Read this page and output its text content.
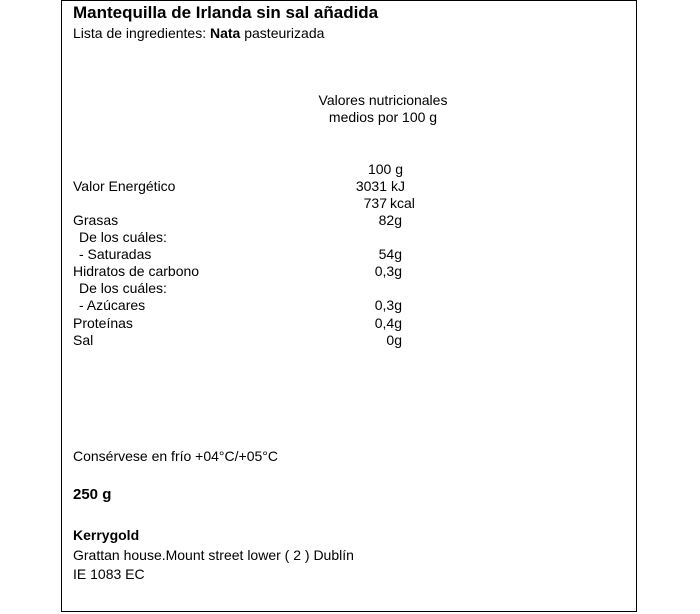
Mantequilla de Irlanda sin sal añadida
Lista de ingredientes: Nata pasteurizada
Valores nutricionales
medios por 100 g
100 g
Valor Energético	3031 kJ
737 kcal
Grasas	82g
De los cuáles:
- Saturadas	54g
Hidratos de carbono	0,3g
De los cuáles:
- Azúcares	0,3g
Proteínas	0,4g
Sal	0g
Consérvese en frío +04°C/+05°C
250 g
Kerrygold
Grattan house.Mount street lower ( 2 ) Dublín
IE 1083 EC
